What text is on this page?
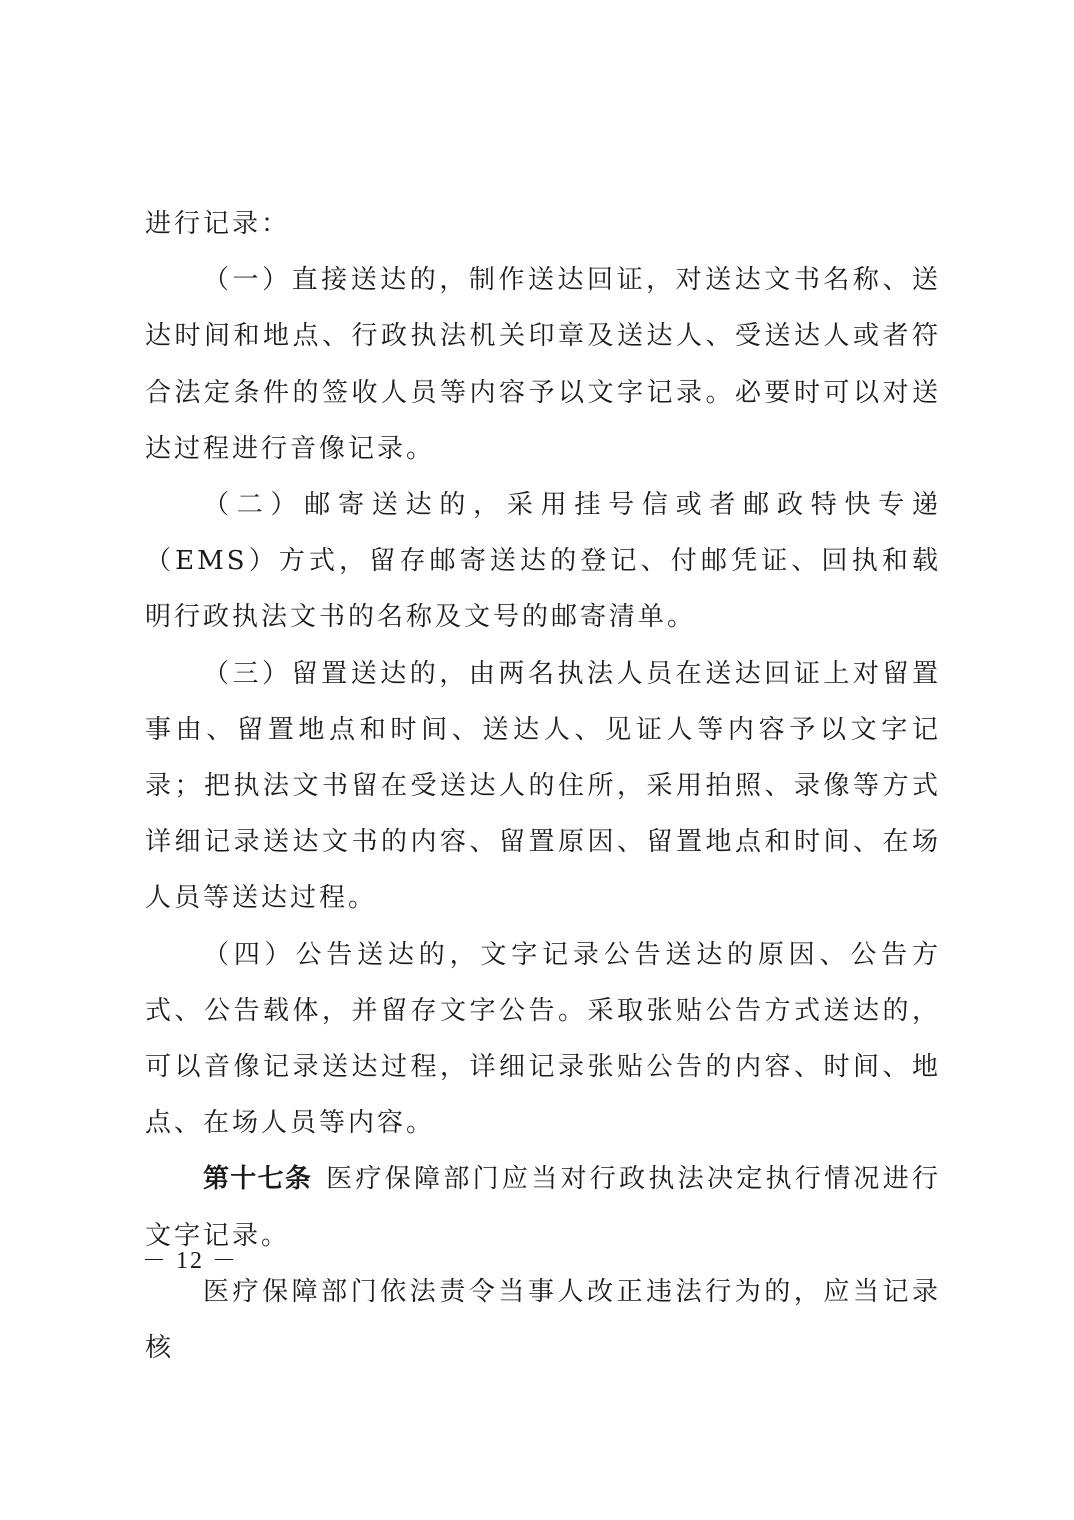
进行记录：

（一）直接送达的，制作送达回证，对送达文书名称、送达时间和地点、行政执法机关印章及送达人、受送达人或者符合法定条件的签收人员等内容予以文字记录。必要时可以对送达过程进行音像记录。

（二）邮寄送达的，采用挂号信或者邮政特快专递（EMS）方式，留存邮寄送达的登记、付邮凭证、回执和载明行政执法文书的名称及文号的邮寄清单。

（三）留置送达的，由两名执法人员在送达回证上对留置事由、留置地点和时间、送达人、见证人等内容予以文字记录；把执法文书留在受送达人的住所，采用拍照、录像等方式详细记录送达文书的内容、留置原因、留置地点和时间、在场人员等送达过程。

（四）公告送达的，文字记录公告送达的原因、公告方式、公告载体，并留存文字公告。采取张贴公告方式送达的，可以音像记录送达过程，详细记录张贴公告的内容、时间、地点、在场人员等内容。

第十七条 医疗保障部门应当对行政执法决定执行情况进行文字记录。

医疗保障部门依法责令当事人改正违法行为的，应当记录核

－ 12 －
